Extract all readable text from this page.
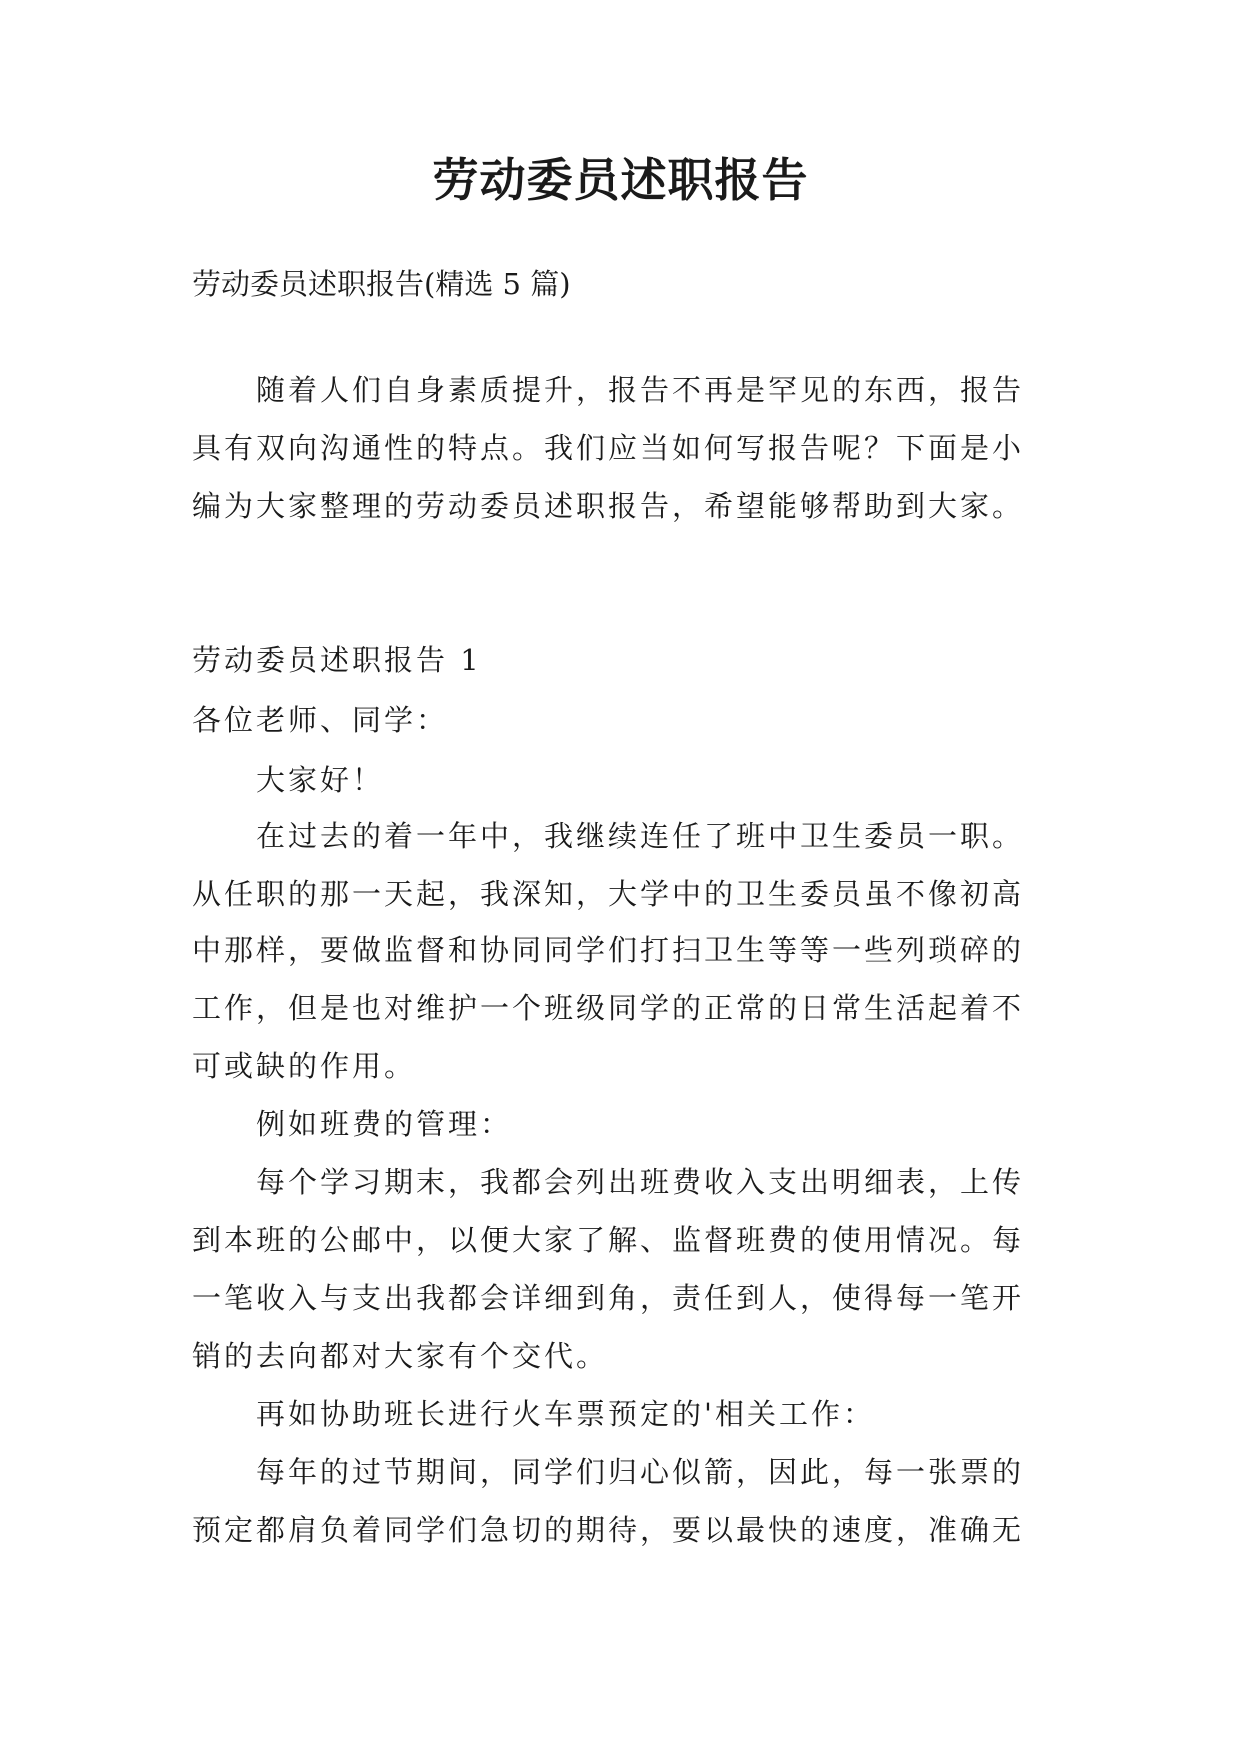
劳动委员述职报告
劳动委员述职报告(精选 5 篇)
随着人们自身素质提升，报告不再是罕见的东西，报告
具有双向沟通性的特点。我们应当如何写报告呢？下面是小
编为大家整理的劳动委员述职报告，希望能够帮助到大家。
劳动委员述职报告 1
各位老师、同学：
大家好！
在过去的着一年中，我继续连任了班中卫生委员一职。
从任职的那一天起，我深知，大学中的卫生委员虽不像初高
中那样，要做监督和协同同学们打扫卫生等等一些列琐碎的
工作，但是也对维护一个班级同学的正常的日常生活起着不
可或缺的作用。
例如班费的管理：
每个学习期末，我都会列出班费收入支出明细表，上传
到本班的公邮中，以便大家了解、监督班费的使用情况。每
一笔收入与支出我都会详细到角，责任到人，使得每一笔开
销的去向都对大家有个交代。
再如协助班长进行火车票预定的'相关工作：
每年的过节期间，同学们归心似箭，因此，每一张票的
预定都肩负着同学们急切的期待，要以最快的速度，准确无
